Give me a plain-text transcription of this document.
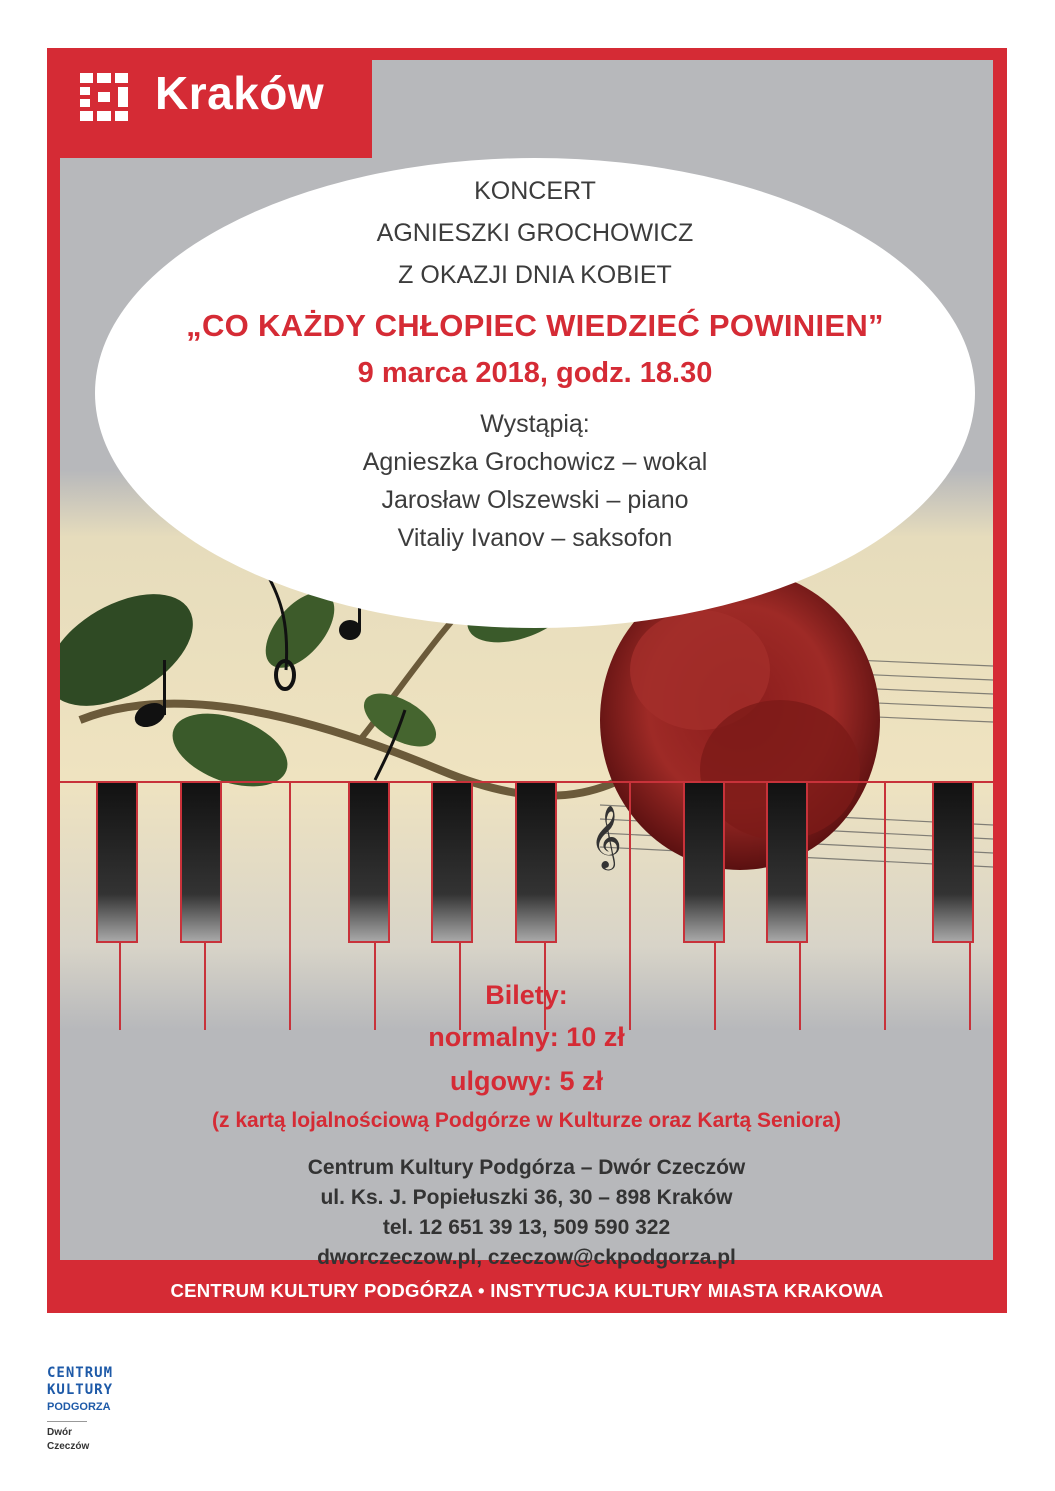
𝄞
Kraków
KONCERT
AGNIESZKI GROCHOWICZ
Z OKAZJI DNIA KOBIET
„CO KAŻDY CHŁOPIEC WIEDZIEĆ POWINIEN”
9 marca 2018, godz. 18.30
Wystąpią:
Agnieszka Grochowicz – wokal
Jarosław Olszewski – piano
Vitaliy Ivanov – saksofon
Bilety:
normalny: 10 zł
ulgowy: 5 zł
(z kartą lojalnościową Podgórze w Kulturze oraz Kartą Seniora)
Centrum Kultury Podgórza – Dwór Czeczów
ul. Ks. J. Popiełuszki 36, 30 – 898 Kraków
tel. 12 651 39 13, 509 590 322
dworczeczow.pl, czeczow@ckpodgorza.pl
CENTRUM KULTURY PODGÓRZA • INSTYTUCJA KULTURY MIASTA KRAKOWA
CENTRUM
KULTURY
PODGORZA
Dwór
Czeczów
